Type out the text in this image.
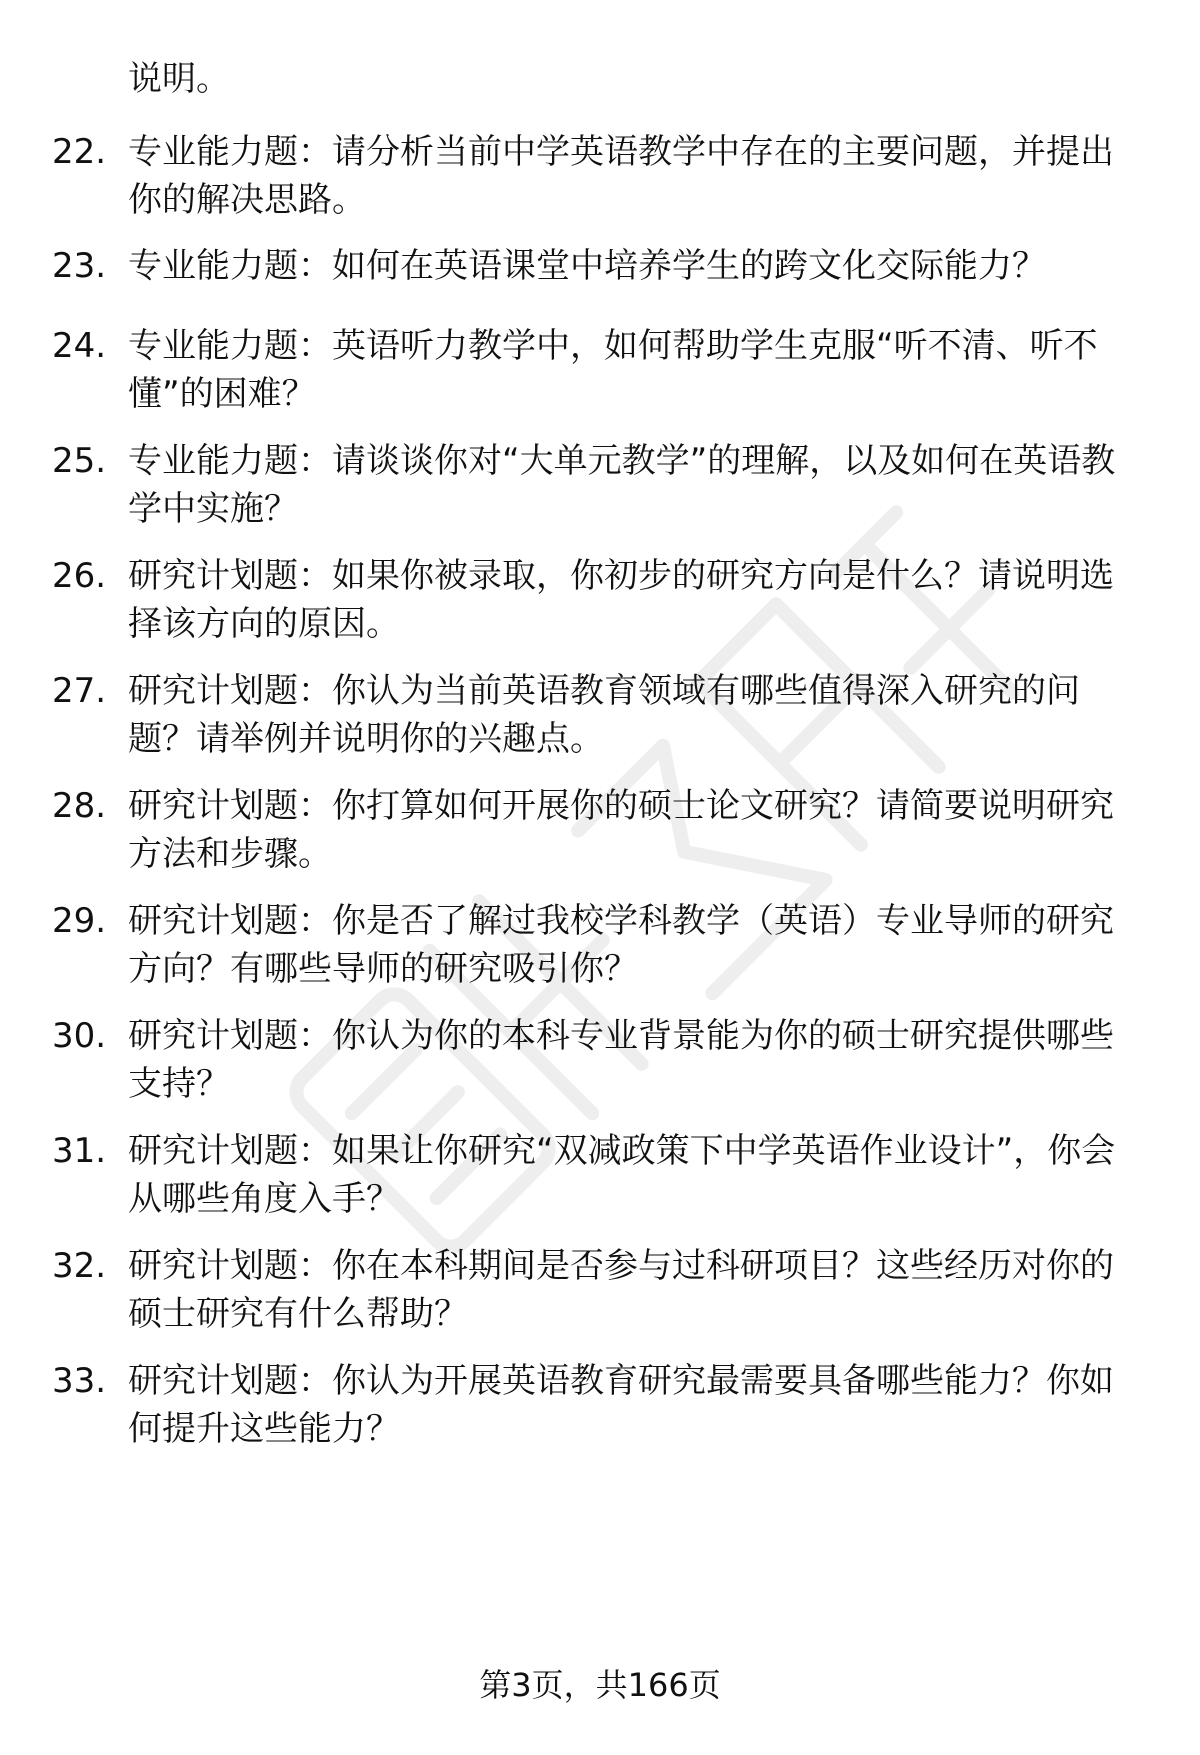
说明。

22. 专业能力题：请分析当前中学英语教学中存在的主要问题，并提出你的解决思路。

23. 专业能力题：如何在英语课堂中培养学生的跨文化交际能力？

24. 专业能力题：英语听力教学中，如何帮助学生克服“听不清、听不懂”的困难？

25. 专业能力题：请谈谈你对“大单元教学”的理解，以及如何在英语教学中实施？

26. 研究计划题：如果你被录取，你初步的研究方向是什么？请说明选择该方向的原因。

27. 研究计划题：你认为当前英语教育领域有哪些值得深入研究的问题？请举例并说明你的兴趣点。

28. 研究计划题：你打算如何开展你的硕士论文研究？请简要说明研究方法和步骤。

29. 研究计划题：你是否了解过我校学科教学（英语）专业导师的研究方向？有哪些导师的研究吸引你？

30. 研究计划题：你认为你的本科专业背景能为你的硕士研究提供哪些支持？

31. 研究计划题：如果让你研究“双减政策下中学英语作业设计”，你会从哪些角度入手？

32. 研究计划题：你在本科期间是否参与过科研项目？这些经历对你的硕士研究有什么帮助？

33. 研究计划题：你认为开展英语教育研究最需要具备哪些能力？你如何提升这些能力？

第3页，共166页
